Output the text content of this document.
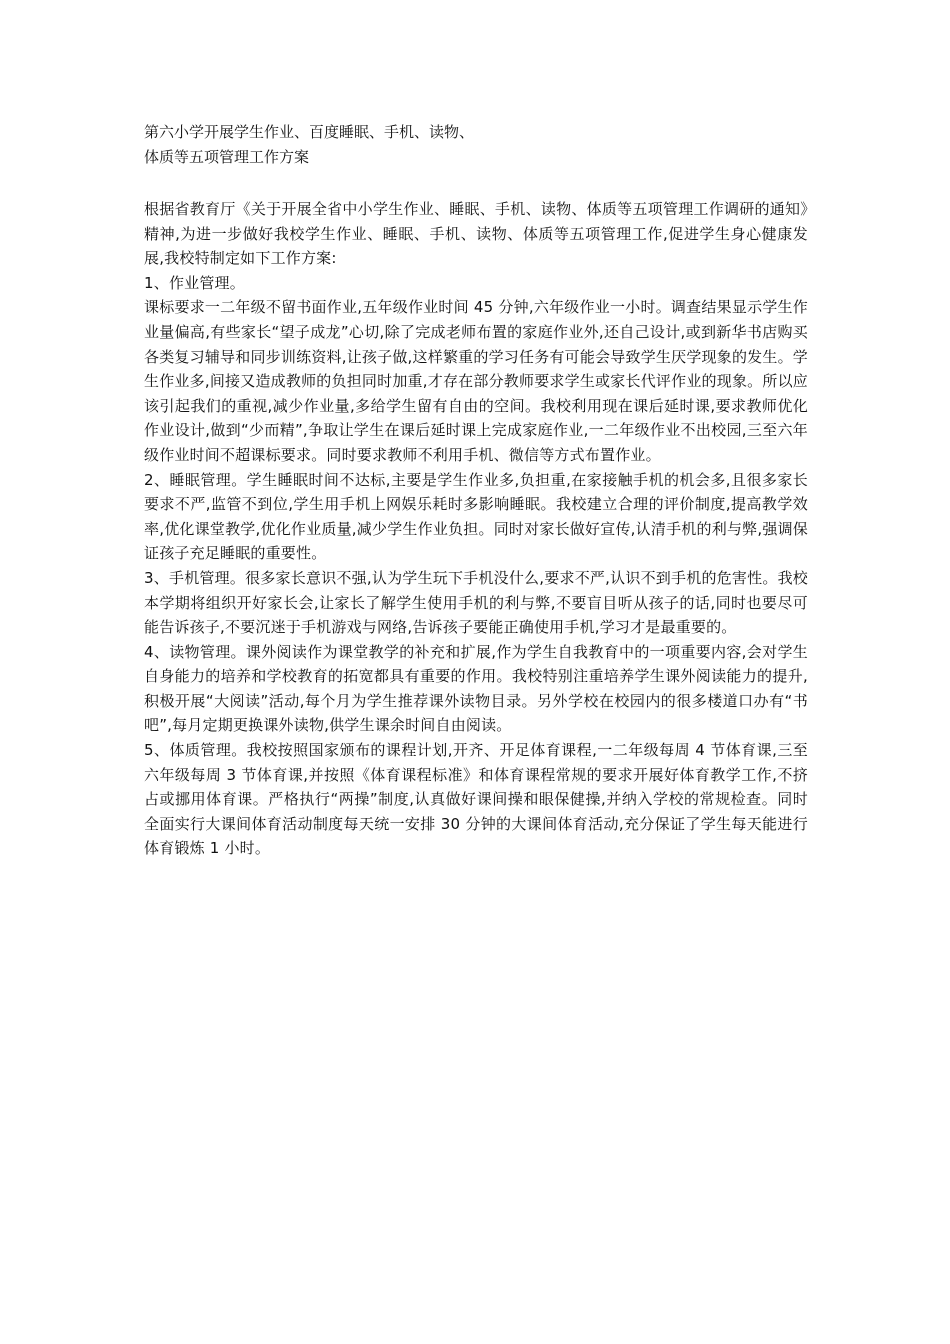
第六小学开展学生作业、百度睡眠、手机、读物、
体质等五项管理工作方案

根据省教育厅《关于开展全省中小学生作业、睡眠、手机、读物、体质等五项管理工作调研的通知》精神,为进一步做好我校学生作业、睡眠、手机、读物、体质等五项管理工作,促进学生身心健康发展,我校特制定如下工作方案:

1、作业管理。

课标要求一二年级不留书面作业,五年级作业时间 45 分钟,六年级作业一小时。调查结果显示学生作业量偏高,有些家长“望子成龙”心切,除了完成老师布置的家庭作业外,还自己设计,或到新华书店购买各类复习辅导和同步训练资料,让孩子做,这样繁重的学习任务有可能会导致学生厌学现象的发生。学生作业多,间接又造成教师的负担同时加重,才存在部分教师要求学生或家长代评作业的现象。所以应该引起我们的重视,减少作业量,多给学生留有自由的空间。我校利用现在课后延时课,要求教师优化作业设计,做到“少而精”,争取让学生在课后延时课上完成家庭作业,一二年级作业不出校园,三至六年级作业时间不超课标要求。同时要求教师不利用手机、微信等方式布置作业。

2、睡眠管理。学生睡眠时间不达标,主要是学生作业多,负担重,在家接触手机的机会多,且很多家长要求不严,监管不到位,学生用手机上网娱乐耗时多影响睡眠。我校建立合理的评价制度,提高教学效率,优化课堂教学,优化作业质量,减少学生作业负担。同时对家长做好宣传,认清手机的利与弊,强调保证孩子充足睡眠的重要性。

3、手机管理。很多家长意识不强,认为学生玩下手机没什么,要求不严,认识不到手机的危害性。我校本学期将组织开好家长会,让家长了解学生使用手机的利与弊,不要盲目听从孩子的话,同时也要尽可能告诉孩子,不要沉迷于手机游戏与网络,告诉孩子要能正确使用手机,学习才是最重要的。

4、读物管理。课外阅读作为课堂教学的补充和扩展,作为学生自我教育中的一项重要内容,会对学生自身能力的培养和学校教育的拓宽都具有重要的作用。我校特别注重培养学生课外阅读能力的提升,积极开展“大阅读”活动,每个月为学生推荐课外读物目录。另外学校在校园内的很多楼道口办有“书吧”,每月定期更换课外读物,供学生课余时间自由阅读。

5、体质管理。我校按照国家颁布的课程计划,开齐、开足体育课程,一二年级每周 4 节体育课,三至六年级每周 3 节体育课,并按照《体育课程标准》和体育课程常规的要求开展好体育教学工作,不挤占或挪用体育课。严格执行“两操”制度,认真做好课间操和眼保健操,并纳入学校的常规检查。同时全面实行大课间体育活动制度每天统一安排 30 分钟的大课间体育活动,充分保证了学生每天能进行体育锻炼 1 小时。
